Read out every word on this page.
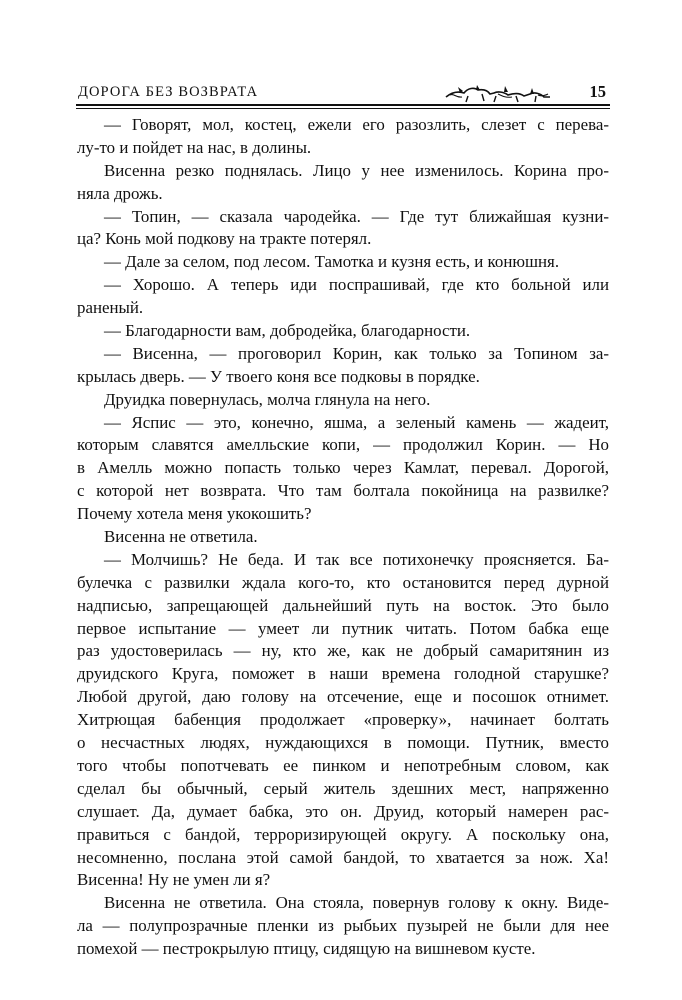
ДОРОГА БЕЗ ВОЗВРАТА	15
— Говорят, мол, костец, ежели его разозлить, слезет с перева-
лу-то и пойдет на нас, в долины.
Висенна резко поднялась. Лицо у нее изменилось. Корина про-
няла дрожь.
— Топин, — сказала чародейка. — Где тут ближайшая кузни-
ца? Конь мой подкову на тракте потерял.
— Дале за селом, под лесом. Тамотка и кузня есть, и конюшня.
— Хорошо. А теперь иди поспрашивай, где кто больной или
раненый.
— Благодарности вам, добродейка, благодарности.
— Висенна, — проговорил Корин, как только за Топином за-
крылась дверь. — У твоего коня все подковы в порядке.
Друидка повернулась, молча глянула на него.
— Яспис — это, конечно, яшма, а зеленый камень — жадеит,
которым славятся амелльские копи, — продолжил Корин. — Но
в Амелль можно попасть только через Камлат, перевал. Дорогой,
с которой нет возврата. Что там болтала покойница на развилке?
Почему хотела меня укокошить?
Висенна не ответила.
— Молчишь? Не беда. И так все потихонечку проясняется. Ба-
булечка с развилки ждала кого-то, кто остановится перед дурной
надписью, запрещающей дальнейший путь на восток. Это было
первое испытание — умеет ли путник читать. Потом бабка еще
раз удостоверилась — ну, кто же, как не добрый самаритянин из
друидского Круга, поможет в наши времена голодной старушке?
Любой другой, даю голову на отсечение, еще и посошок отнимет.
Хитрющая бабенция продолжает «проверку», начинает болтать
о несчастных людях, нуждающихся в помощи. Путник, вместо
того чтобы попотчевать ее пинком и непотребным словом, как
сделал бы обычный, серый житель здешних мест, напряженно
слушает. Да, думает бабка, это он. Друид, который намерен рас-
правиться с бандой, терроризирующей округу. А поскольку она,
несомненно, послана этой самой бандой, то хватается за нож. Ха!
Висенна! Ну не умен ли я?
Висенна не ответила. Она стояла, повернув голову к окну. Виде-
ла — полупрозрачные пленки из рыбьих пузырей не были для нее
помехой — пестрокрылую птицу, сидящую на вишневом кусте.
